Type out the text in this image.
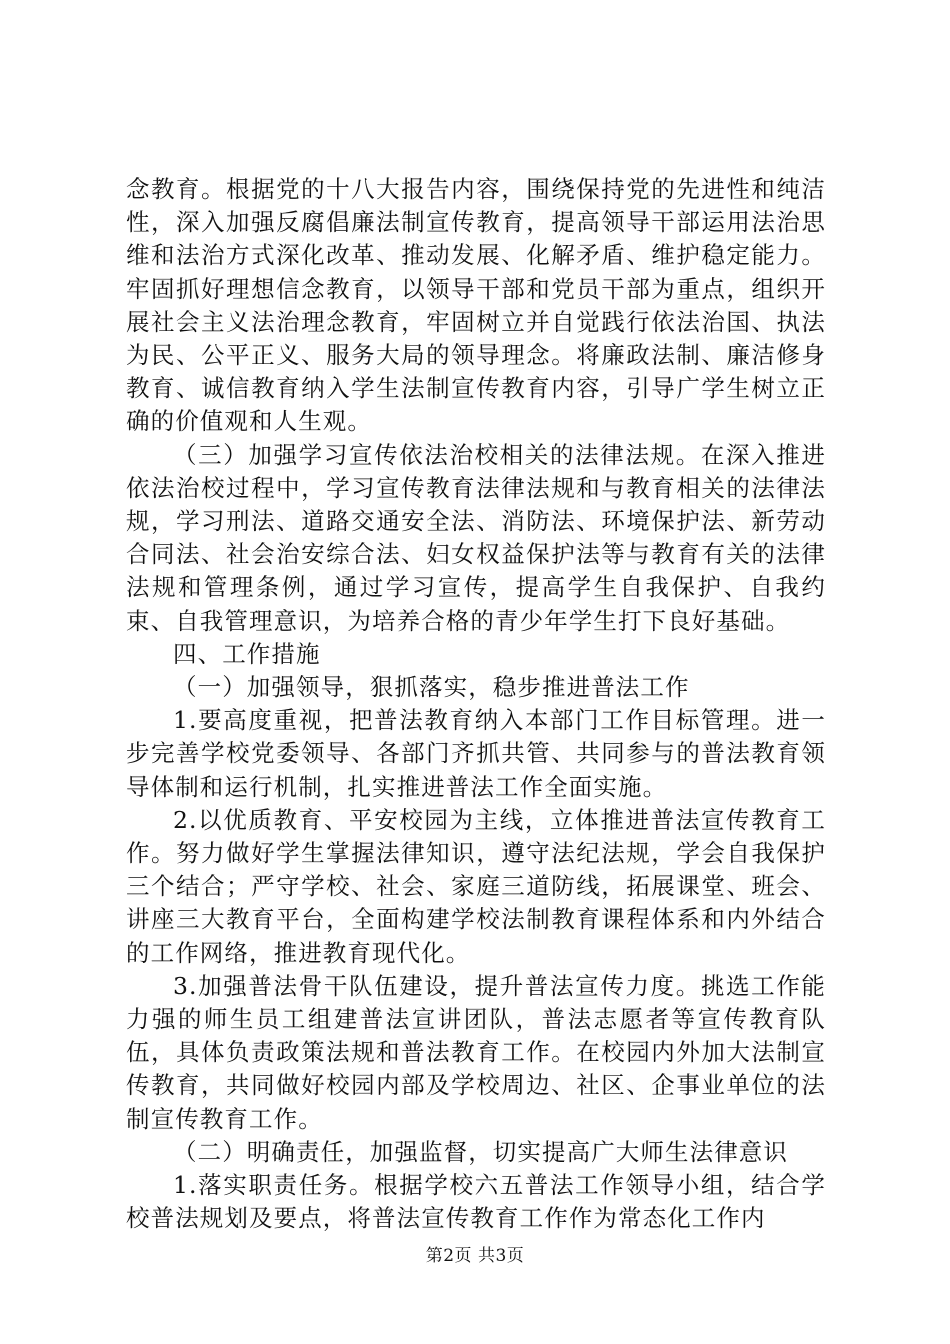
念教育。根据党的十八大报告内容，围绕保持党的先进性和纯洁性，深入加强反腐倡廉法制宣传教育，提高领导干部运用法治思维和法治方式深化改革、推动发展、化解矛盾、维护稳定能力。牢固抓好理想信念教育，以领导干部和党员干部为重点，组织开展社会主义法治理念教育，牢固树立并自觉践行依法治国、执法为民、公平正义、服务大局的领导理念。将廉政法制、廉洁修身教育、诚信教育纳入学生法制宣传教育内容，引导广学生树立正确的价值观和人生观。

（三）加强学习宣传依法治校相关的法律法规。在深入推进依法治校过程中，学习宣传教育法律法规和与教育相关的法律法规，学习刑法、道路交通安全法、消防法、环境保护法、新劳动合同法、社会治安综合法、妇女权益保护法等与教育有关的法律法规和管理条例，通过学习宣传，提高学生自我保护、自我约束、自我管理意识，为培养合格的青少年学生打下良好基础。

四、工作措施

（一）加强领导，狠抓落实，稳步推进普法工作

1.要高度重视，把普法教育纳入本部门工作目标管理。进一步完善学校党委领导、各部门齐抓共管、共同参与的普法教育领导体制和运行机制，扎实推进普法工作全面实施。

2.以优质教育、平安校园为主线，立体推进普法宣传教育工作。努力做好学生掌握法律知识，遵守法纪法规，学会自我保护三个结合；严守学校、社会、家庭三道防线，拓展课堂、班会、讲座三大教育平台，全面构建学校法制教育课程体系和内外结合的工作网络，推进教育现代化。

3.加强普法骨干队伍建设，提升普法宣传力度。挑选工作能力强的师生员工组建普法宣讲团队，普法志愿者等宣传教育队伍，具体负责政策法规和普法教育工作。在校园内外加大法制宣传教育，共同做好校园内部及学校周边、社区、企事业单位的法制宣传教育工作。

（二）明确责任，加强监督，切实提高广大师生法律意识

1.落实职责任务。根据学校六五普法工作领导小组，结合学校普法规划及要点，将普法宣传教育工作作为常态化工作内

第2页 共3页
